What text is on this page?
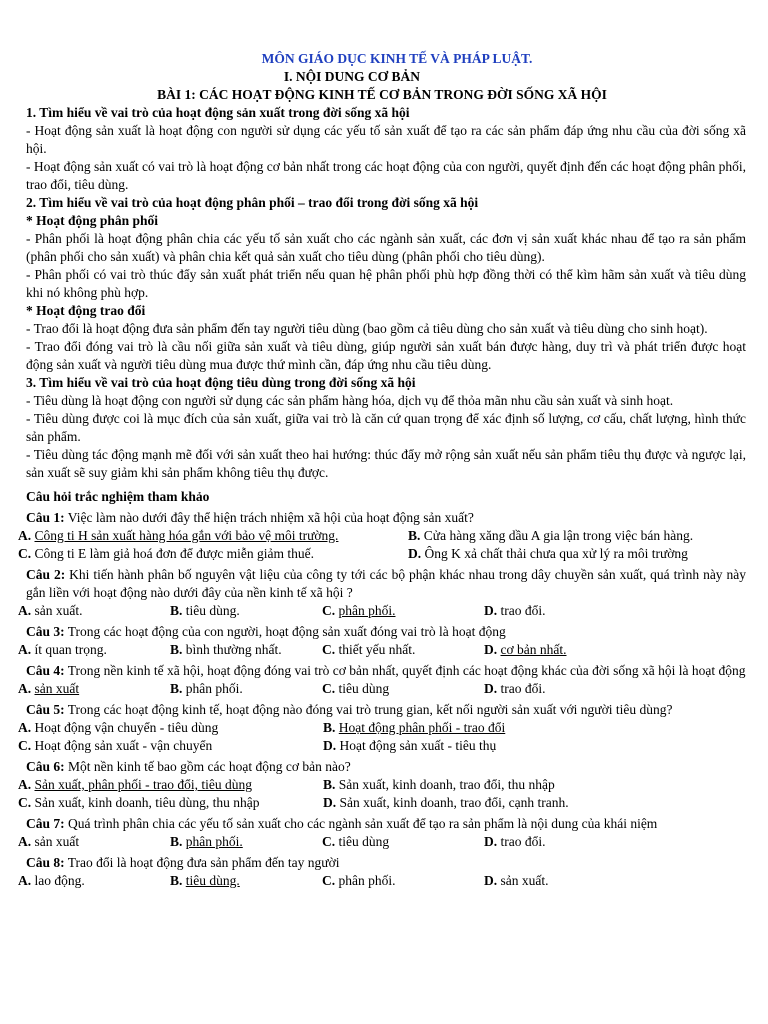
MÔN GIÁO DỤC KINH TẾ VÀ PHÁP LUẬT.
I. NỘI DUNG CƠ BẢN
BÀI 1: CÁC HOẠT ĐỘNG KINH TẾ CƠ BẢN TRONG ĐỜI SỐNG XÃ HỘI
1. Tìm hiểu về vai trò của hoạt động sản xuất trong đời sống xã hội

- Hoạt động sản xuất là hoạt động con người sử dụng các yếu tố sản xuất để tạo ra các sản phẩm đáp ứng nhu cầu của đời sống xã hội.

- Hoạt động sản xuất có vai trò là hoạt động cơ bản nhất trong các hoạt động của con người, quyết định đến các hoạt động phân phối, trao đổi, tiêu dùng.

2. Tìm hiểu về vai trò của hoạt động phân phối – trao đổi trong đời sống xã hội
* Hoạt động phân phối

- Phân phối là hoạt động phân chia các yếu tố sản xuất cho các ngành sản xuất, các đơn vị sản xuất khác nhau để tạo ra sản phẩm (phân phối cho sản xuất) và phân chia kết quả sản xuất cho tiêu dùng (phân phối cho tiêu dùng).

- Phân phối có vai trò thúc đẩy sản xuất phát triển nếu quan hệ phân phối phù hợp đồng thời có thể kìm hãm sản xuất và tiêu dùng khi nó không phù hợp.

* Hoạt động trao đổi

- Trao đổi là hoạt động đưa sản phẩm đến tay người tiêu dùng (bao gồm cả tiêu dùng cho sản xuất và tiêu dùng cho sinh hoạt).

- Trao đổi đóng vai trò là cầu nối giữa sản xuất và tiêu dùng, giúp người sản xuất bán được hàng, duy trì và phát triển được hoạt động sản xuất và người tiêu dùng mua được thứ mình cần, đáp ứng nhu cầu tiêu dùng.

3. Tìm hiểu về vai trò của hoạt động tiêu dùng trong đời sống xã hội

- Tiêu dùng là hoạt động con người sử dụng các sản phẩm hàng hóa, dịch vụ để thỏa mãn nhu cầu sản xuất và sinh hoạt.

- Tiêu dùng được coi là mục đích của sản xuất, giữa vai trò là căn cứ quan trọng để xác định số lượng, cơ cấu, chất lượng, hình thức sản phẩm.

- Tiêu dùng tác động mạnh mẽ đối với sản xuất theo hai hướng: thúc đẩy mở rộng sản xuất nếu sản phẩm tiêu thụ được và ngược lại, sản xuất sẽ suy giảm khi sản phẩm không tiêu thụ được.

Câu hỏi trắc nghiệm tham khảo

Câu 1: Việc làm nào dưới đây thể hiện trách nhiệm xã hội của hoạt động sản xuất?

A. Công ti H sản xuất hàng hóa gắn với bảo vệ môi trường.	B. Cửa hàng xăng dầu A gia lận trong việc bán hàng.
C. Công ti E làm giả hoá đơn để được miễn giảm thuế.	D. Ông K xả chất thải chưa qua xử lý ra môi trường

Câu 2: Khi tiến hành phân bố nguyên vật liệu của công ty tới các bộ phận khác nhau trong dây chuyền sản xuất, quá trình này này gắn liền với hoạt động nào dưới đây của nền kinh tế xã hội ?

A. sản xuất.	B. tiêu dùng.	C. phân phối.	D. trao đổi.

Câu 3: Trong các hoạt động của con người, hoạt động sản xuất đóng vai trò là hoạt động

A. ít quan trọng.	B. bình thường nhất.	C. thiết yếu nhất.	D. cơ bản nhất.

Câu 4: Trong nền kinh tế xã hội, hoạt động đóng vai trò cơ bản nhất, quyết định các hoạt động khác của đời sống xã hội là hoạt động

A. sản xuất	B. phân phối.	C. tiêu dùng	D. trao đổi.

Câu 5: Trong các hoạt động kinh tế, hoạt động nào đóng vai trò trung gian, kết nối người sản xuất với người tiêu dùng?

A. Hoạt động vận chuyển - tiêu dùng	B. Hoạt động phân phối - trao đổi
C. Hoạt động sản xuất - vận chuyển	D. Hoạt động sản xuất - tiêu thụ

Câu 6: Một nền kinh tế bao gồm các hoạt động cơ bản nào?

A. Sản xuất, phân phối - trao đổi, tiêu dùng	B. Sản xuất, kinh doanh, trao đổi, thu nhập
C. Sản xuất, kinh doanh, tiêu dùng, thu nhập	D. Sản xuất, kinh doanh, trao đổi, cạnh tranh.

Câu 7: Quá trình phân chia các yếu tố sản xuất cho các ngành sản xuất để tạo ra sản phẩm là nội dung của khái niệm

A. sản xuất	B. phân phối.	C. tiêu dùng	D. trao đổi.

Câu 8: Trao đổi là hoạt động đưa sản phẩm đến tay người

A. lao động.	B. tiêu dùng.	C. phân phối.	D. sản xuất.
